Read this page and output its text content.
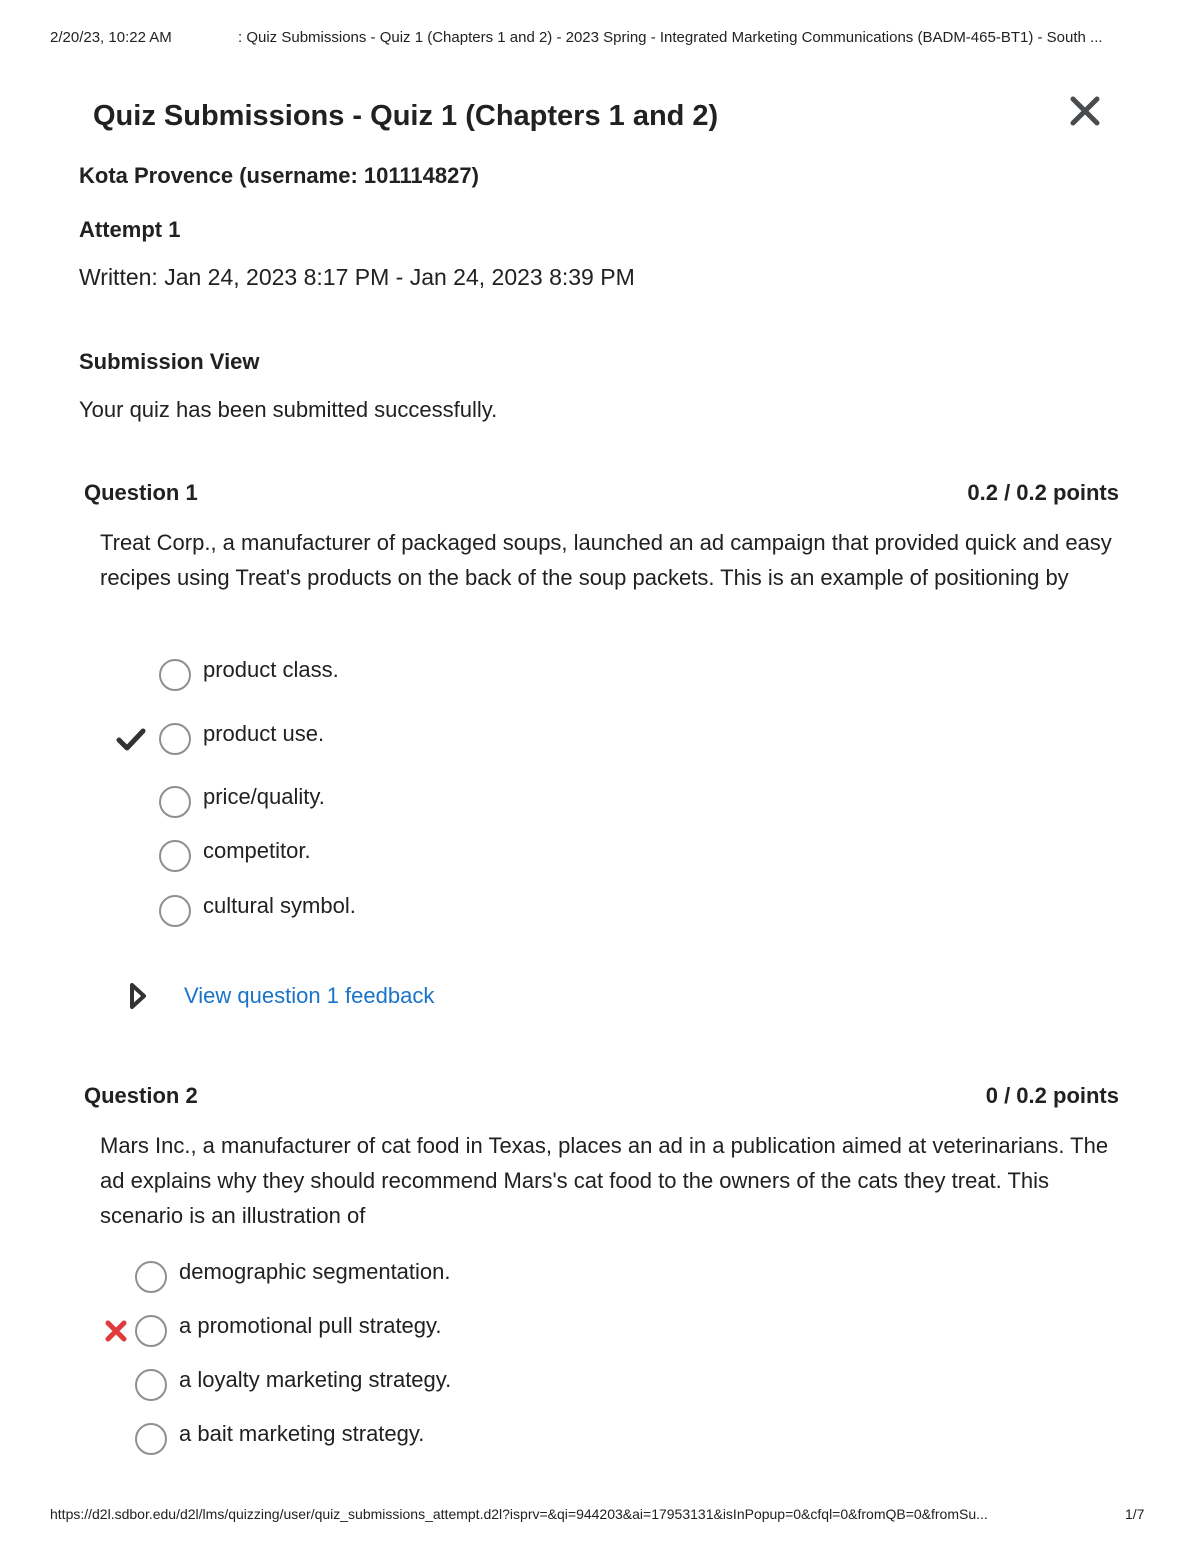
2/20/23, 10:22 AM	: Quiz Submissions - Quiz 1 (Chapters 1 and 2) - 2023 Spring - Integrated Marketing Communications (BADM-465-BT1) - South ...
Quiz Submissions - Quiz 1 (Chapters 1 and 2)
Kota Provence (username: 101114827)
Attempt 1
Written: Jan 24, 2023 8:17 PM - Jan 24, 2023 8:39 PM
Submission View
Your quiz has been submitted successfully.
Question 1	0.2 / 0.2 points
Treat Corp., a manufacturer of packaged soups, launched an ad campaign that provided quick and easy recipes using Treat's products on the back of the soup packets. This is an example of positioning by
product class.
product use.
price/quality.
competitor.
cultural symbol.
View question 1 feedback
Question 2	0 / 0.2 points
Mars Inc., a manufacturer of cat food in Texas, places an ad in a publication aimed at veterinarians. The ad explains why they should recommend Mars's cat food to the owners of the cats they treat. This scenario is an illustration of
demographic segmentation.
a promotional pull strategy.
a loyalty marketing strategy.
a bait marketing strategy.
https://d2l.sdbor.edu/d2l/lms/quizzing/user/quiz_submissions_attempt.d2l?isprv=&qi=944203&ai=17953131&isInPopup=0&cfql=0&fromQB=0&fromSu...	1/7
